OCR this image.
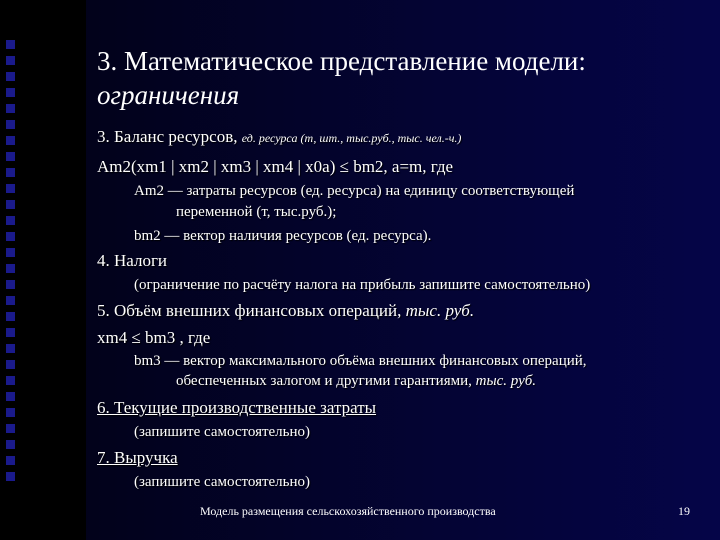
3. Математическое представление модели:
ограничения
3. Баланс ресурсов, ед. ресурса (т, шт., тыс.руб., тыс. чел.-ч.)
Am2(xm1 | xm2 | xm3 | xm4 | x0a) ≤ bm2, a=m, где
Am2 — затраты ресурсов (ед. ресурса) на единицу соответствующей
переменной (т, тыс.руб.);
bm2 — вектор наличия ресурсов (ед. ресурса).
4. Налоги
(ограничение по расчёту налога на прибыль запишите самостоятельно)
5. Объём внешних финансовых операций, тыс. руб.
xm4 ≤ bm3 , где
bm3 — вектор максимального объёма внешних финансовых операций,
обеспеченных залогом и другими гарантиями, тыс. руб.
6. Текущие производственные затраты
(запишите самостоятельно)
7. Выручка
(запишите самостоятельно)
Модель размещения сельскохозяйственного производства	19
